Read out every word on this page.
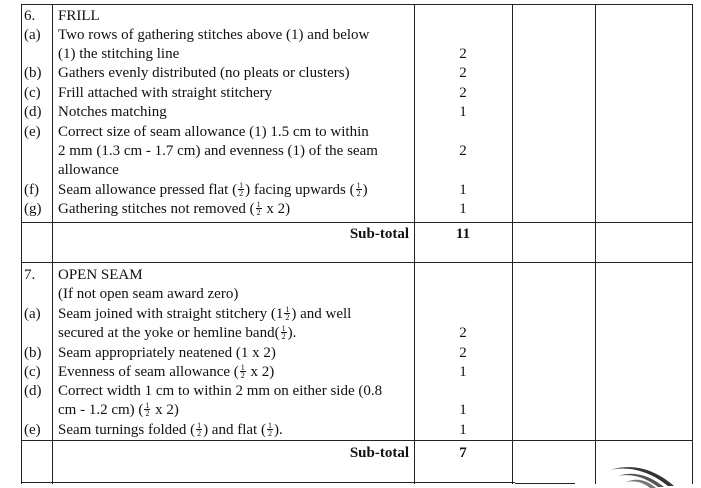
6. FRILL
(a) Two rows of gathering stitches above (1) and below
(1) the stitching line	2
(b) Gathers evenly distributed (no pleats or clusters)	2
(c) Frill attached with straight stitchery	2
(d) Notches matching	1
(e) Correct size of seam allowance (1) 1.5 cm to within
2 mm (1.3 cm - 1.7 cm) and evenness (1) of the seam
allowance
2
(f) Seam allowance pressed flat ( $\frac{1}{2}$ ) facing upwards ( $\frac{1}{2}$ )	1
(g) Gathering stitches not removed ( $\frac{1}{2}$ x 2)	1
Sub-total	11
7. OPEN SEAM
(If not open seam award zero)
(a) Seam joined with straight stitchery ($1 \frac{1}{2}$ ) and well
secured at the yoke or hemline band( $\frac{1}{2}$ ).	2
(b) Seam appropriately neatened (1 x 2)	2
(c) Evenness of seam allowance ( $\frac{1}{2}$ x 2)	1
(d) Correct width 1 cm to within 2 mm on either side (0.8
cm - 1.2 cm) ( $\frac{1}{2}$ x 2)	1
(e) Seam turnings folded ( $\frac{1}{2}$ ) and flat ( $\frac{1}{2}$ ).	1
Sub-total	7
